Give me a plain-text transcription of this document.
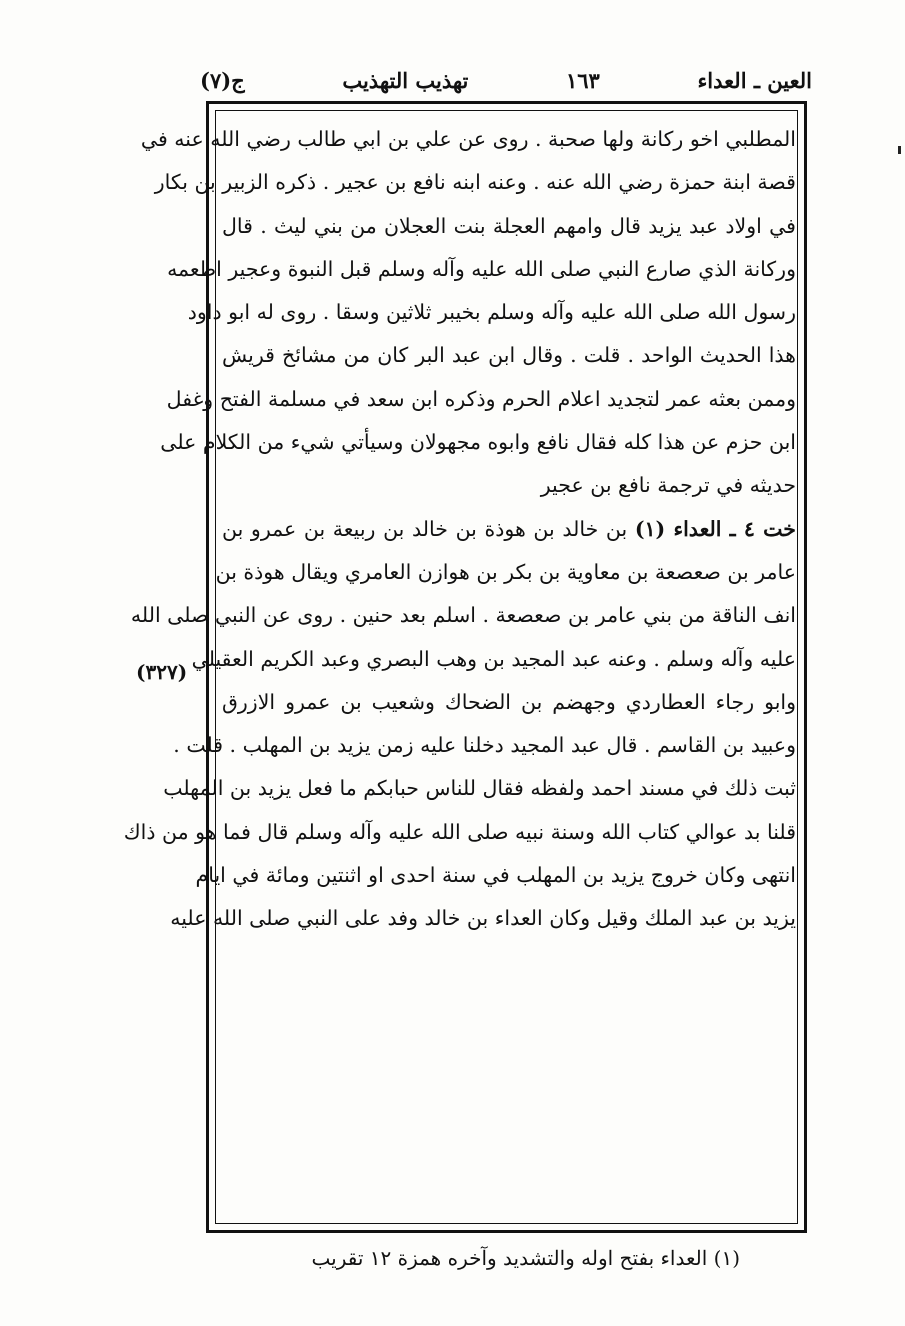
ج(٧)	تهذيب التهذيب	١٦٣	العين ـ العداء
(٣٢٧)
المطلبي اخو ركانة ولها صحبة . روى عن علي بن ابي طالب رضي الله عنه في
قصة ابنة حمزة رضي الله عنه . وعنه ابنه نافع بن عجير . ذكره الزبير بن بكار
في اولاد عبد يزيد قال وامهم العجلة بنت العجلان من بني ليث . قال
وركانة الذي صارع النبي صلى الله عليه وآله وسلم قبل النبوة وعجير اطعمه
رسول الله صلى الله عليه وآله وسلم بخيبر ثلاثين وسقا . روى له ابو داود
هذا الحديث الواحد . قلت . وقال ابن عبد البر كان من مشائخ قريش
وممن بعثه عمر لتجديد اعلام الحرم وذكره ابن سعد في مسلمة الفتح وغفل
ابن حزم عن هذا كله فقال نافع وابوه مجهولان وسيأتي شيء من الكلام على
حديثه في ترجمة نافع بن عجير
خت ٤ ـ العداء (١) بن خالد بن هوذة بن خالد بن ربيعة بن عمرو بن
عامر بن صعصعة بن معاوية بن بكر بن هوازن العامري ويقال هوذة بن
انف الناقة من بني عامر بن صعصعة . اسلم بعد حنين . روى عن النبي صلى الله
عليه وآله وسلم . وعنه عبد المجيد بن وهب البصري وعبد الكريم العقيلي
وابو رجاء العطاردي وجهضم بن الضحاك وشعيب بن عمرو الازرق
وعبيد بن القاسم . قال عبد المجيد دخلنا عليه زمن يزيد بن المهلب . قلت .
ثبت ذلك في مسند احمد ولفظه فقال للناس حبابكم ما فعل يزيد بن المهلب
قلنا بد عوالي كتاب الله وسنة نبيه صلى الله عليه وآله وسلم قال فما هو من ذاك
انتهى وكان خروج يزيد بن المهلب في سنة احدى او اثنتين ومائة في ايام
يزيد بن عبد الملك وقيل وكان العداء بن خالد وفد على النبي صلى الله عليه
(١) العداء بفتح اوله والتشديد وآخره همزة ١٢ تقريب
